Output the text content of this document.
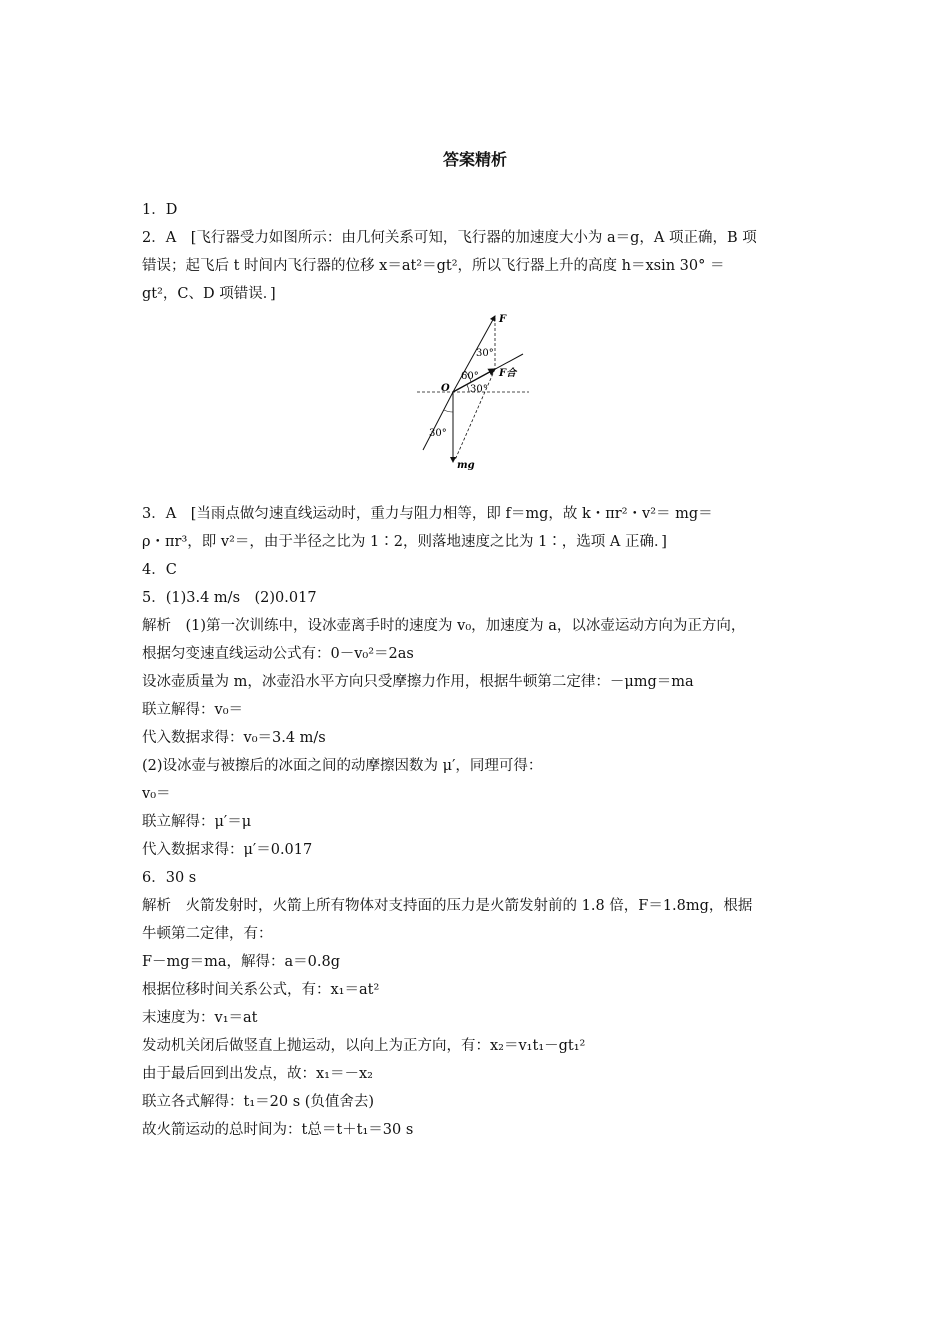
答案精析
1．D
2．A　[飞行器受力如图所示：由几何关系可知，飞行器的加速度大小为 a＝g，A 项正确，B 项
错误；起飞后 t 时间内飞行器的位移 x＝at²＝gt²，所以飞行器上升的高度 h＝xsin 30° ＝
gt²，C、D 项错误．]
F
30°
60° F合
30°
O
30°
mg
3．A　[当雨点做匀速直线运动时，重力与阻力相等，即 f＝mg，故 k・πr²・v²＝ mg＝
ρ・πr³，即 v²＝，由于半径之比为 1∶2，则落地速度之比为 1∶，选项 A 正确．]
4．C
5．(1)3.4 m/s　(2)0.017
解析　(1)第一次训练中，设冰壶离手时的速度为 v₀，加速度为 a，以冰壶运动方向为正方向，
根据匀变速直线运动公式有：0－v₀²＝2as
设冰壶质量为 m，冰壶沿水平方向只受摩擦力作用，根据牛顿第二定律：－μmg＝ma
联立解得：v₀＝
代入数据求得：v₀＝3.4 m/s
(2)设冰壶与被擦后的冰面之间的动摩擦因数为 μ′，同理可得：
v₀＝
联立解得：μ′＝μ
代入数据求得：μ′＝0.017
6．30 s
解析　火箭发射时，火箭上所有物体对支持面的压力是火箭发射前的 1.8 倍，F＝1.8mg，根据
牛顿第二定律，有：
F－mg＝ma，解得：a＝0.8g
根据位移时间关系公式，有：x₁＝at²
末速度为：v₁＝at
发动机关闭后做竖直上抛运动，以向上为正方向，有：x₂＝v₁t₁－gt₁²
由于最后回到出发点，故：x₁＝－x₂
联立各式解得：t₁＝20 s (负值舍去)
故火箭运动的总时间为：t总＝t＋t₁＝30 s
